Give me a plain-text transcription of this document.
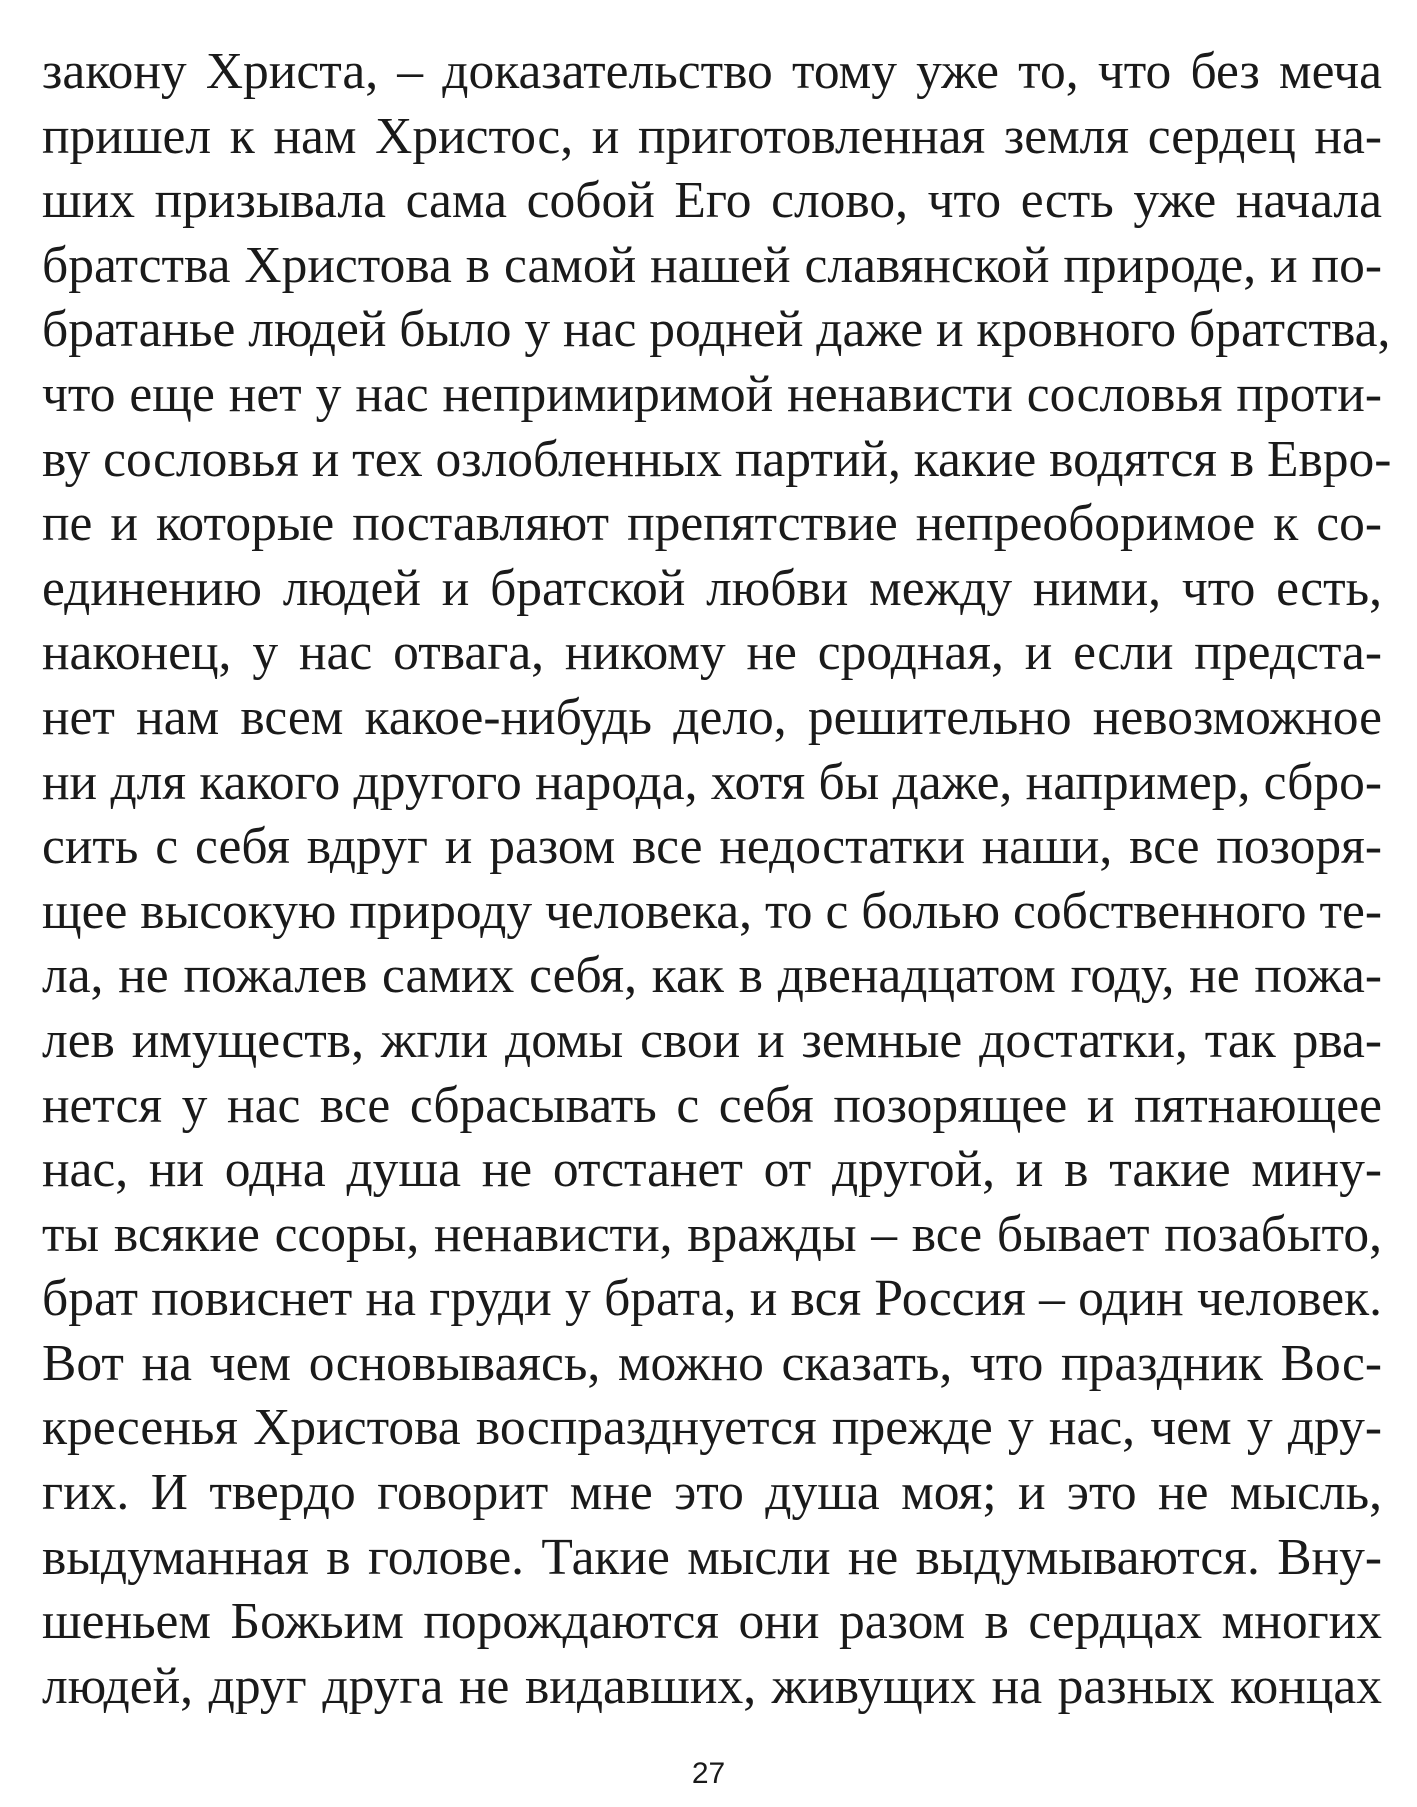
закону Христа, – доказательство тому уже то, что без меча
пришел к нам Христос, и приготовленная земля сердец на-
ших призывала сама собой Его слово, что есть уже начала
братства Христова в самой нашей славянской природе, и по-
братанье людей было у нас родней даже и кровного братства,
что еще нет у нас непримиримой ненависти сословья проти-
ву сословья и тех озлобленных партий, какие водятся в Евро-
пе и которые поставляют препятствие непреоборимое к со-
единению людей и братской любви между ними, что есть,
наконец, у нас отвага, никому не сродная, и если предста-
нет нам всем какое-нибудь дело, решительно невозможное
ни для какого другого народа, хотя бы даже, например, сбро-
сить с себя вдруг и разом все недостатки наши, все позоря-
щее высокую природу человека, то с болью собственного те-
ла, не пожалев самих себя, как в двенадцатом году, не пожа-
лев имуществ, жгли домы свои и земные достатки, так рва-
нется у нас все сбрасывать с себя позорящее и пятнающее
нас, ни одна душа не отстанет от другой, и в такие мину-
ты всякие ссоры, ненависти, вражды – все бывает позабыто,
брат повиснет на груди у брата, и вся Россия – один человек.
Вот на чем основываясь, можно сказать, что праздник Вос-
кресенья Христова воспразднуется прежде у нас, чем у дру-
гих. И твердо говорит мне это душа моя; и это не мысль,
выдуманная в голове. Такие мысли не выдумываются. Вну-
шеньем Божьим порождаются они разом в сердцах многих
людей, друг друга не видавших, живущих на разных концах
27
